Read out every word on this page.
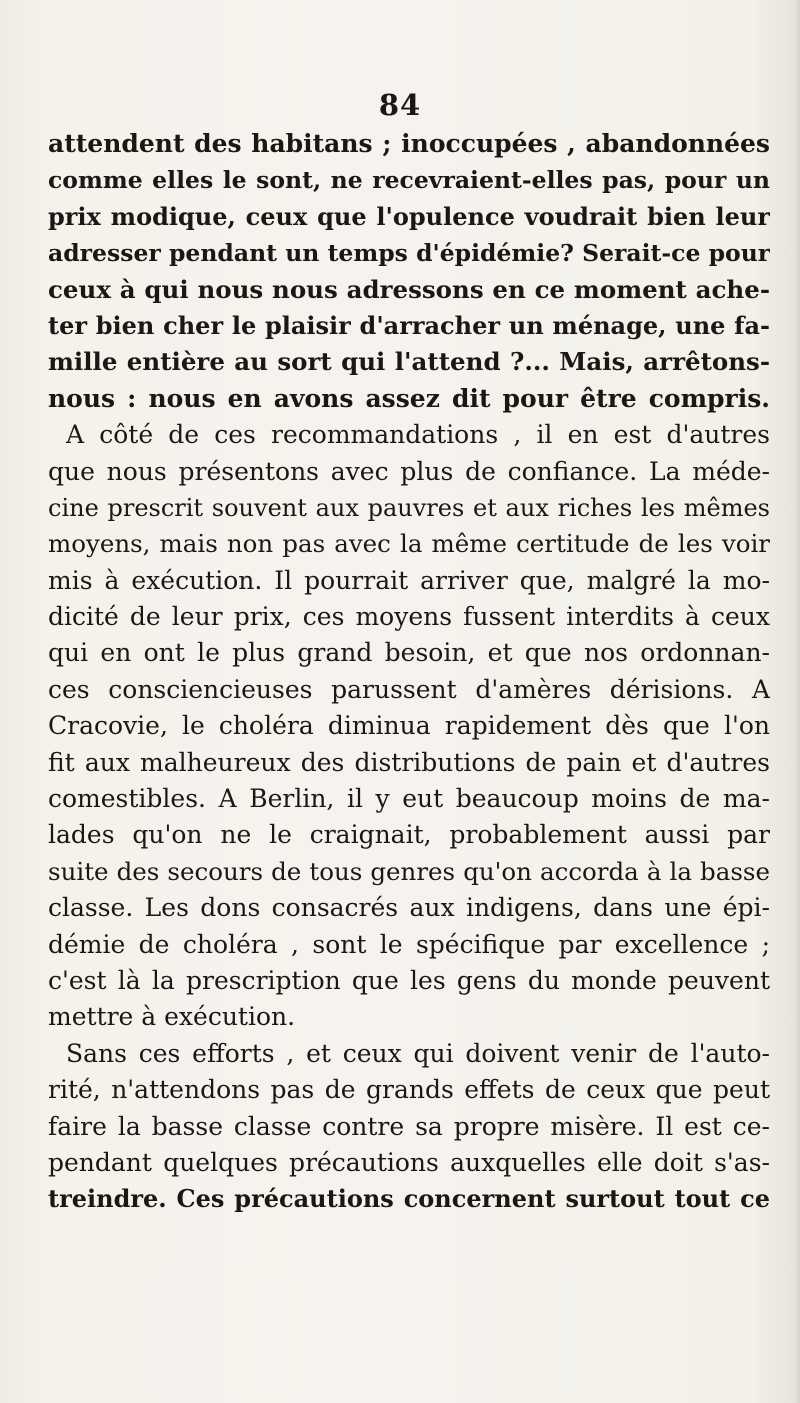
84
attendent des habitans ; inoccupées , abandonnées
comme elles le sont, ne recevraient-elles pas, pour un
prix modique, ceux que l'opulence voudrait bien leur
adresser pendant un temps d'épidémie? Serait-ce pour
ceux à qui nous nous adressons en ce moment ache-
ter bien cher le plaisir d'arracher un ménage, une fa-
mille entière au sort qui l'attend ?... Mais, arrêtons-
nous : nous en avons assez dit pour être compris.
A côté de ces recommandations , il en est d'autres
que nous présentons avec plus de confiance. La méde-
cine prescrit souvent aux pauvres et aux riches les mêmes
moyens, mais non pas avec la même certitude de les voir
mis à exécution. Il pourrait arriver que, malgré la mo-
dicité de leur prix, ces moyens fussent interdits à ceux
qui en ont le plus grand besoin, et que nos ordonnan-
ces consciencieuses parussent d'amères dérisions. A
Cracovie, le choléra diminua rapidement dès que l'on
fit aux malheureux des distributions de pain et d'autres
comestibles. A Berlin, il y eut beaucoup moins de ma-
lades qu'on ne le craignait, probablement aussi par
suite des secours de tous genres qu'on accorda à la basse
classe. Les dons consacrés aux indigens, dans une épi-
démie de choléra , sont le spécifique par excellence ;
c'est là la prescription que les gens du monde peuvent
mettre à exécution.
Sans ces efforts , et ceux qui doivent venir de l'auto-
rité, n'attendons pas de grands effets de ceux que peut
faire la basse classe contre sa propre misère. Il est ce-
pendant quelques précautions auxquelles elle doit s'as-
treindre. Ces précautions concernent surtout tout ce
